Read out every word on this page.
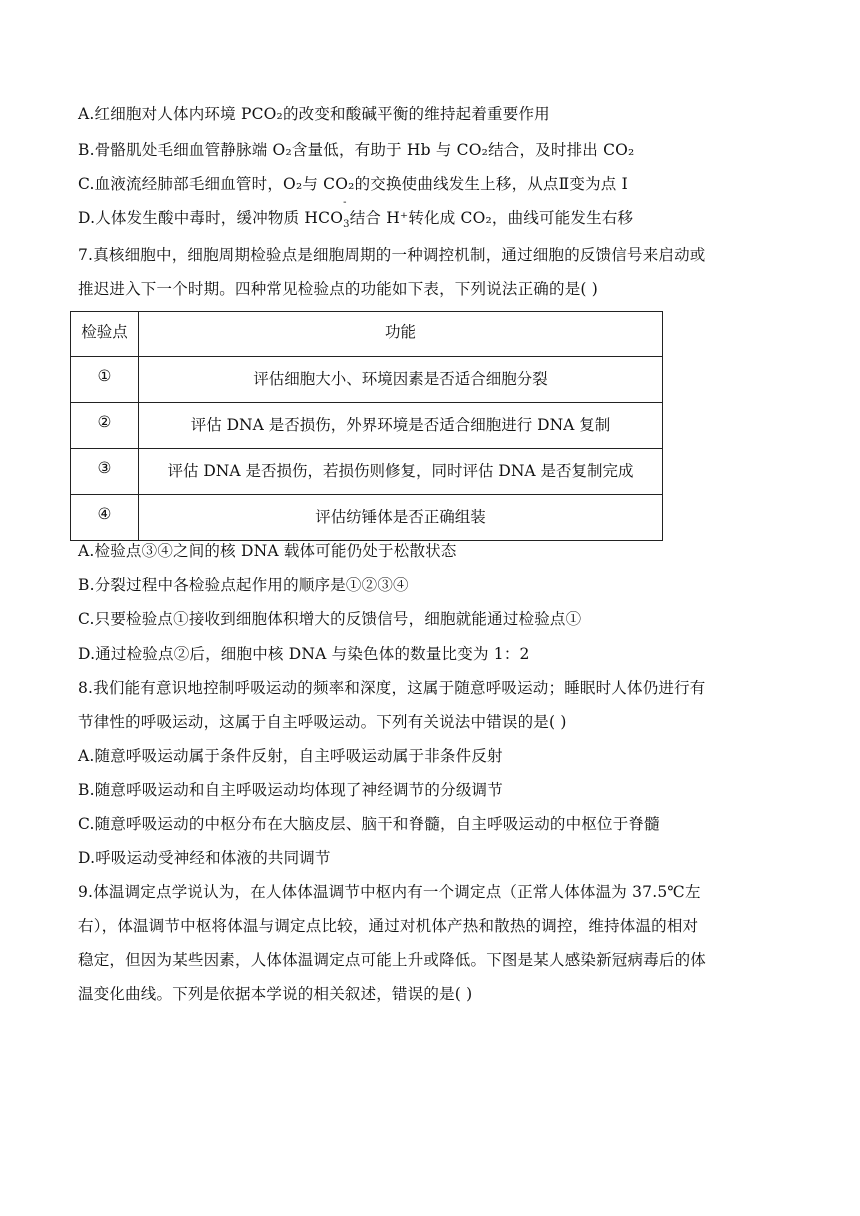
A.红细胞对人体内环境 PCO₂的改变和酸碱平衡的维持起着重要作用
B.骨骼肌处毛细血管静脉端 O₂含量低，有助于 Hb 与 CO₂结合，及时排出 CO₂
C.血液流经肺部毛细血管时，O₂与 CO₂的交换使曲线发生上移，从点Ⅱ变为点 I
D.人体发生酸中毒时，缓冲物质 $HCO_3$
-
结合 H⁺转化成 CO₂，曲线可能发生右移
7.真核细胞中，细胞周期检验点是细胞周期的一种调控机制，通过细胞的反馈信号来启动或
推迟进入下一个时期。四种常见检验点的功能如下表，下列说法正确的是( )
检验点	功能
①	评估细胞大小、环境因素是否适合细胞分裂
②	评估 DNA 是否损伤，外界环境是否适合细胞进行 DNA 复制
③	评估 DNA 是否损伤，若损伤则修复，同时评估 DNA 是否复制完成
④	评估纺锤体是否正确组装
A.检验点③④之间的核 DNA 载体可能仍处于松散状态
B.分裂过程中各检验点起作用的顺序是①②③④
C.只要检验点①接收到细胞体积增大的反馈信号，细胞就能通过检验点①
D.通过检验点②后，细胞中核 DNA 与染色体的数量比变为 1：2
8.我们能有意识地控制呼吸运动的频率和深度，这属于随意呼吸运动；睡眠时人体仍进行有
节律性的呼吸运动，这属于自主呼吸运动。下列有关说法中错误的是( )
A.随意呼吸运动属于条件反射，自主呼吸运动属于非条件反射
B.随意呼吸运动和自主呼吸运动均体现了神经调节的分级调节
C.随意呼吸运动的中枢分布在大脑皮层、脑干和脊髓，自主呼吸运动的中枢位于脊髓
D.呼吸运动受神经和体液的共同调节
9.体温调定点学说认为，在人体体温调节中枢内有一个调定点（正常人体体温为 37.5℃左
右），体温调节中枢将体温与调定点比较，通过对机体产热和散热的调控，维持体温的相对
稳定，但因为某些因素，人体体温调定点可能上升或降低。下图是某人感染新冠病毒后的体
温变化曲线。下列是依据本学说的相关叙述，错误的是( )
